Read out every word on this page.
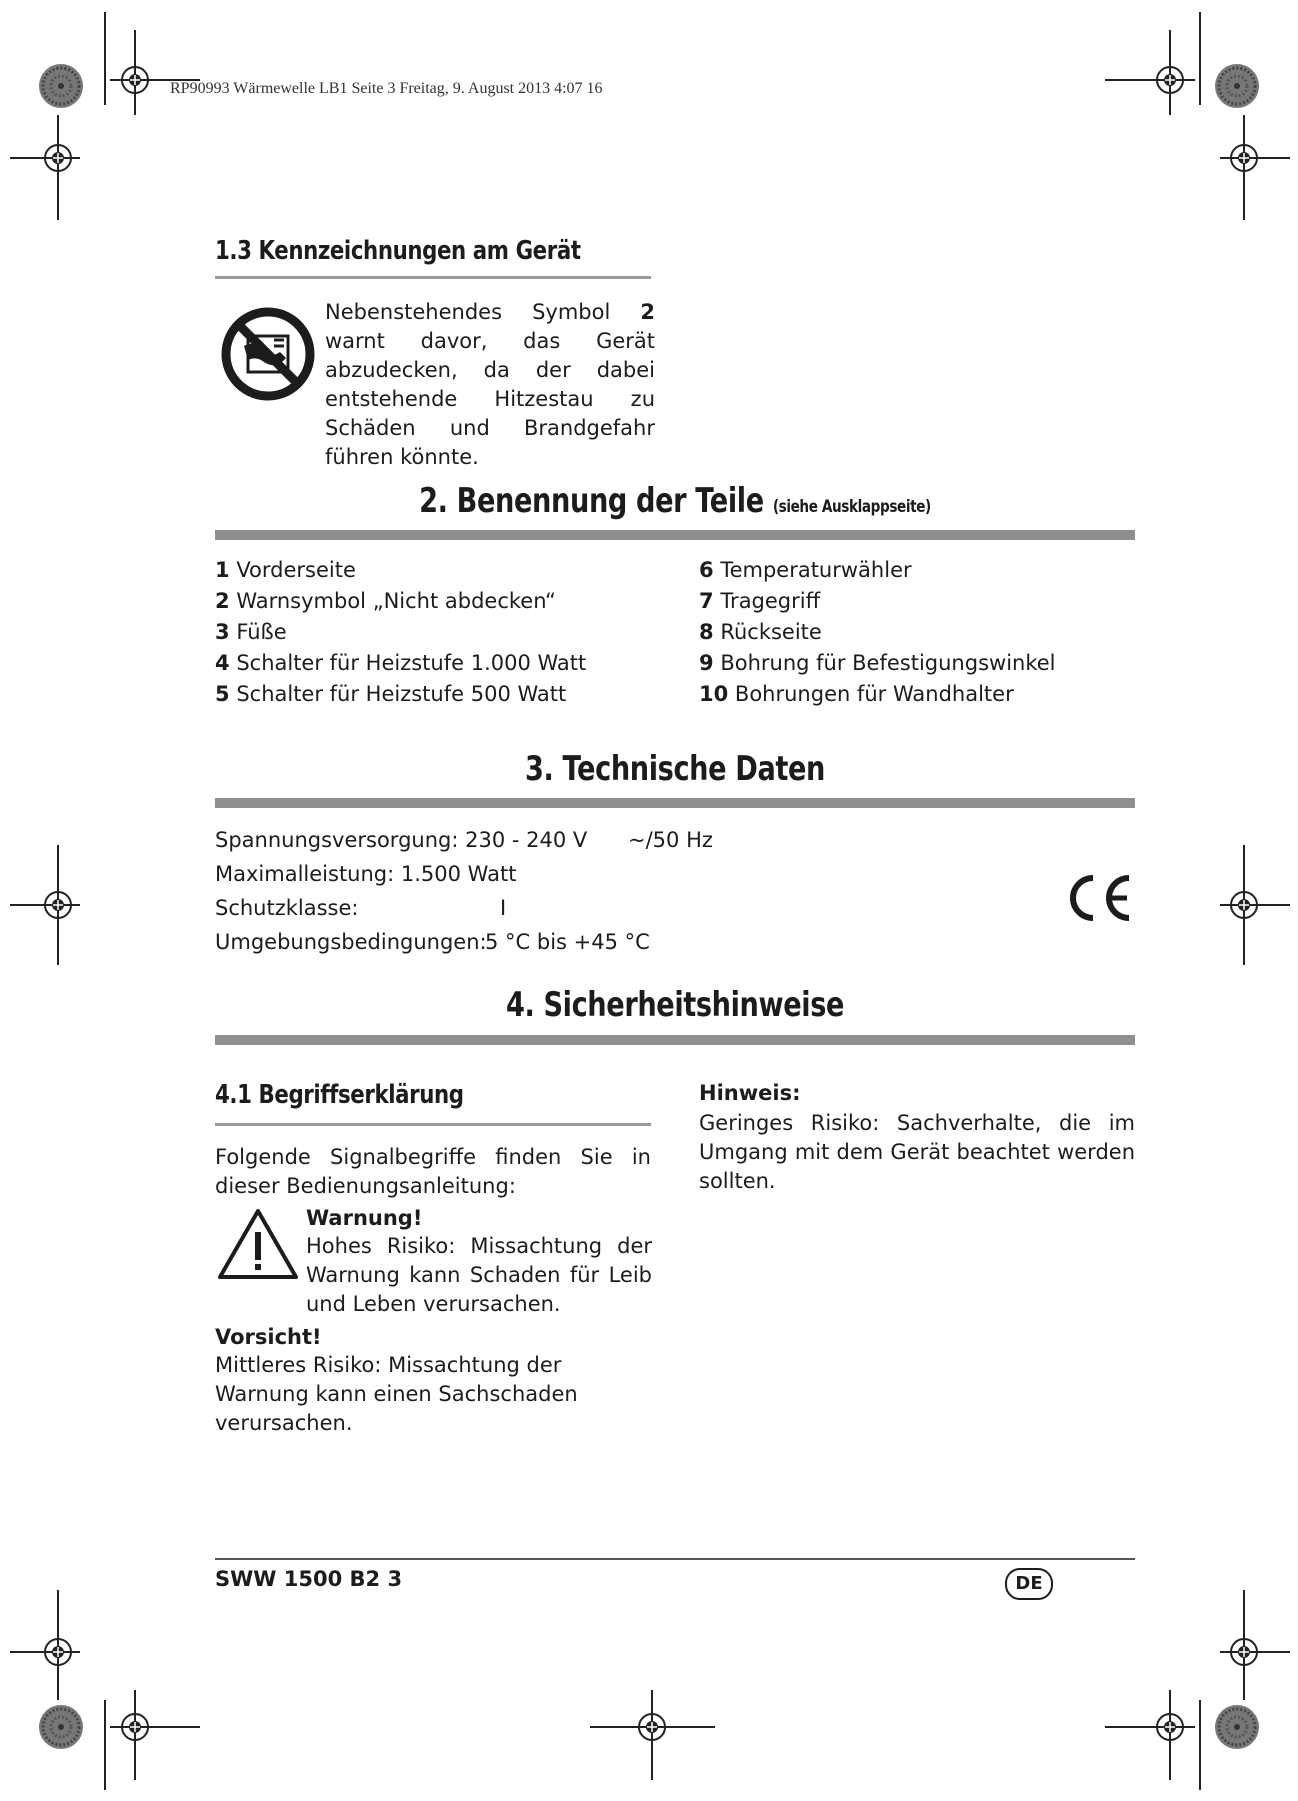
RP90993 Wärmewelle LB1 Seite 3 Freitag, 9. August 2013 4:07 16
1.3 Kennzeichnungen am Gerät
Nebenstehendes Symbol 2 warnt davor, das Gerät abzudecken, da der dabei entstehende Hitzestau zu Schäden und Brandgefahr führen könnte.
2. Benennung der Teile (siehe Ausklappseite)
1 Vorderseite
2 Warnsymbol „Nicht abdecken“
3 Füße
4 Schalter für Heizstufe 1.000 Watt
5 Schalter für Heizstufe 500 Watt
6 Temperaturwähler
7 Tragegriff
8 Rückseite
9 Bohrung für Befestigungswinkel
10 Bohrungen für Wandhalter
3. Technische Daten
Spannungsversorgung: 230 - 240 V ~/50 Hz
Maximalleistung: 1.500 Watt
Schutzklasse:	I
Umgebungsbedingungen:
5 °C bis +45 °C
4. Sicherheitshinweise
4.1 Begriffserklärung
Folgende Signalbegriffe finden Sie in dieser Bedienungsanleitung:
Warnung!
Hohes Risiko: Missachtung der Warnung kann Schaden für Leib und Leben verursachen.
Vorsicht!
Mittleres Risiko: Missachtung der Warnung kann einen Sachschaden verursachen.
Hinweis:
Geringes Risiko: Sachverhalte, die im Umgang mit dem Gerät beachtet werden sollten.
SWW 1500 B2 3	DE
